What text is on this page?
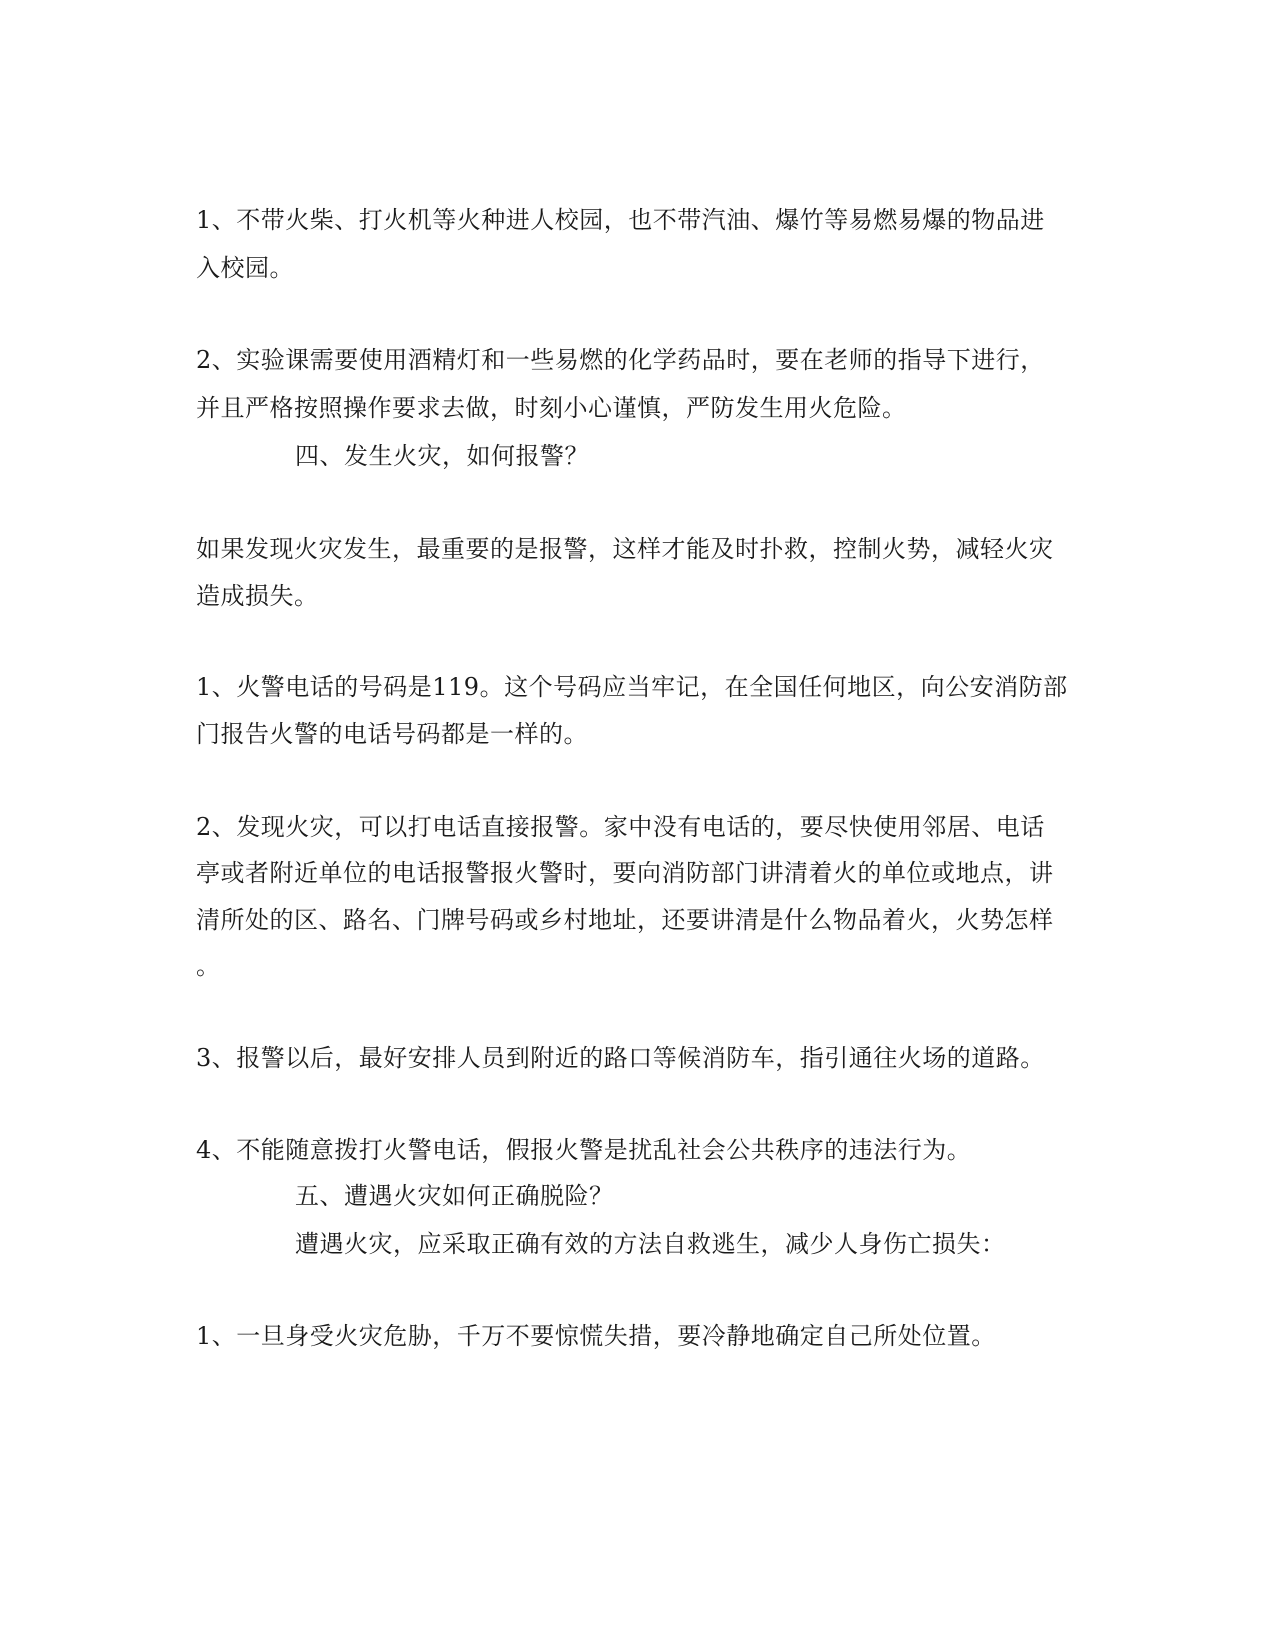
1、不带火柴、打火机等火种进人校园，也不带汽油、爆竹等易燃易爆的物品进

入校园。

2、实验课需要使用酒精灯和一些易燃的化学药品时，要在老师的指导下进行，

并且严格按照操作要求去做，时刻小心谨慎，严防发生用火危险。

四、发生火灾，如何报警？

如果发现火灾发生，最重要的是报警，这样才能及时扑救，控制火势，减轻火灾

造成损失。

1、火警电话的号码是119。这个号码应当牢记，在全国任何地区，向公安消防部

门报告火警的电话号码都是一样的。

2、发现火灾，可以打电话直接报警。家中没有电话的，要尽快使用邻居、电话

亭或者附近单位的电话报警报火警时，要向消防部门讲清着火的单位或地点，讲

清所处的区、路名、门牌号码或乡村地址，还要讲清是什么物品着火，火势怎样

。

3、报警以后，最好安排人员到附近的路口等候消防车，指引通往火场的道路。

4、不能随意拨打火警电话，假报火警是扰乱社会公共秩序的违法行为。

五、遭遇火灾如何正确脱险？

遭遇火灾，应采取正确有效的方法自救逃生，减少人身伤亡损失：

1、一旦身受火灾危胁，千万不要惊慌失措，要冷静地确定自己所处位置。
